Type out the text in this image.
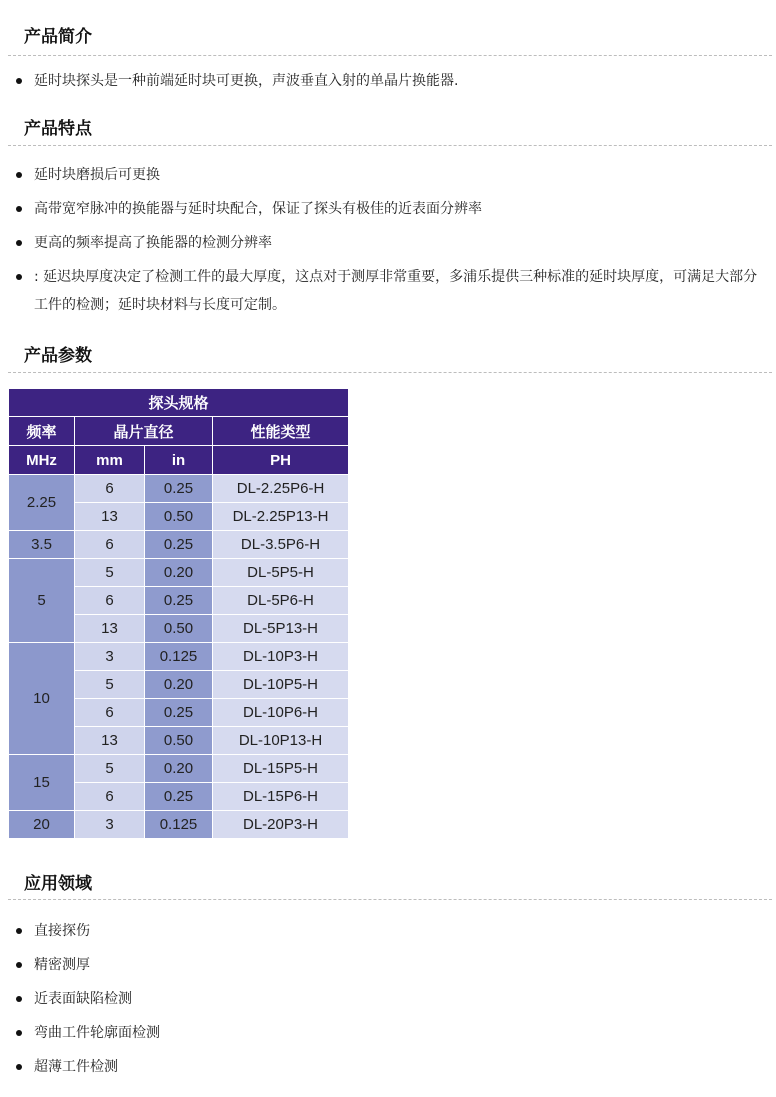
产品简介
延时块探头是一种前端延时块可更换，声波垂直入射的单晶片换能器.
产品特点
延时块磨损后可更换
高带宽窄脉冲的换能器与延时块配合，保证了探头有极佳的近表面分辨率
更高的频率提高了换能器的检测分辨率
: 延迟块厚度决定了检测工件的最大厚度，这点对于测厚非常重要，多浦乐提供三种标准的延时块厚度，可满足大部分工件的检测；延时块材料与长度可定制。
产品参数
探头规格			
频率	晶片直径		性能类型
MHz	mm	in	PH
2.25	6	0.25	DL-2.25P6-H
	13	0.50	DL-2.25P13-H
3.5	6	0.25	DL-3.5P6-H
5	5	0.20	DL-5P5-H
	6	0.25	DL-5P6-H
	13	0.50	DL-5P13-H
10	3	0.125	DL-10P3-H
	5	0.20	DL-10P5-H
	6	0.25	DL-10P6-H
	13	0.50	DL-10P13-H
15	5	0.20	DL-15P5-H
	6	0.25	DL-15P6-H
20	3	0.125	DL-20P3-H
应用领域
直接探伤
精密测厚
近表面缺陷检测
弯曲工件轮廓面检测
超薄工件检测
